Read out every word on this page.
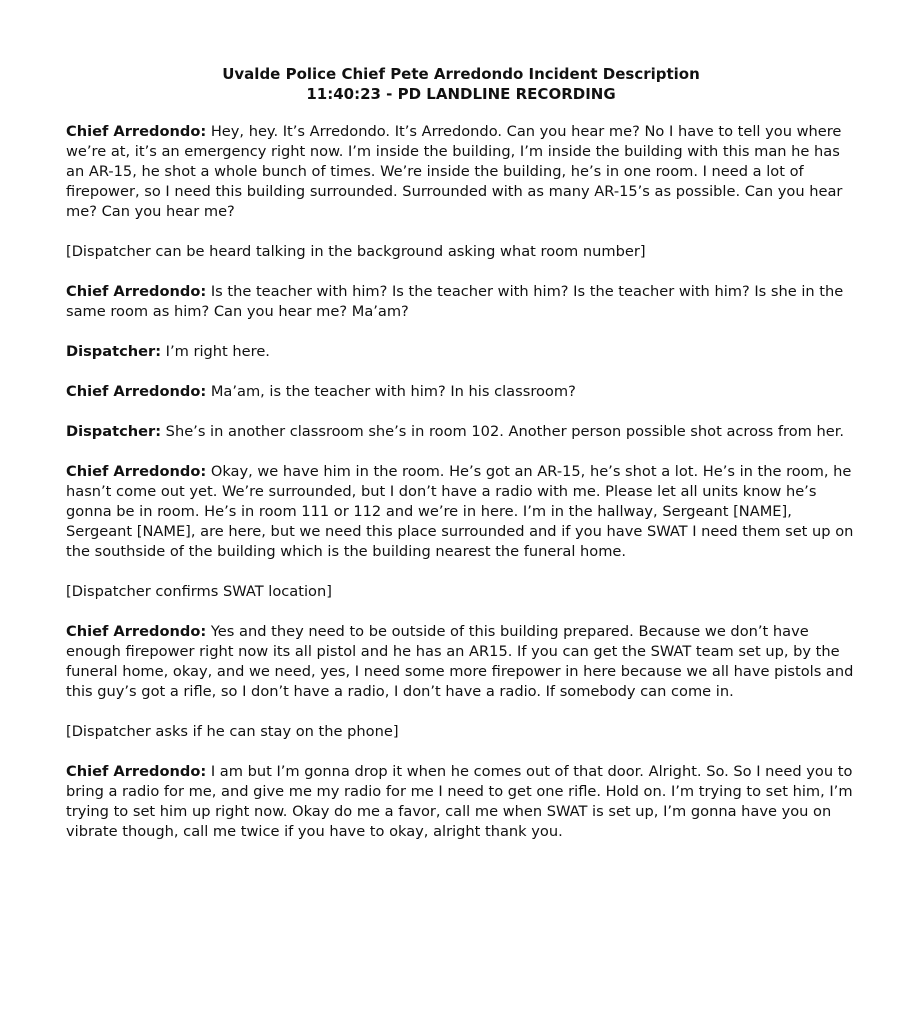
Uvalde Police Chief Pete Arredondo Incident Description
11:40:23 - PD LANDLINE RECORDING

Chief Arredondo: Hey, hey. It’s Arredondo. It’s Arredondo. Can you hear me? No I have to tell you where we’re at, it’s an emergency right now. I’m inside the building, I’m inside the building with this man he has an AR-15, he shot a whole bunch of times. We’re inside the building, he’s in one room. I need a lot of firepower, so I need this building surrounded. Surrounded with as many AR-15’s as possible. Can you hear me? Can you hear me?

[Dispatcher can be heard talking in the background asking what room number]

Chief Arredondo: Is the teacher with him? Is the teacher with him? Is the teacher with him? Is she in the same room as him? Can you hear me? Ma’am?

Dispatcher: I’m right here.

Chief Arredondo: Ma’am, is the teacher with him? In his classroom?

Dispatcher: She’s in another classroom she’s in room 102. Another person possible shot across from her.

Chief Arredondo: Okay, we have him in the room. He’s got an AR-15, he’s shot a lot. He’s in the room, he hasn’t come out yet. We’re surrounded, but I don’t have a radio with me. Please let all units know he’s gonna be in room. He’s in room 111 or 112 and we’re in here. I’m in the hallway, Sergeant [NAME], Sergeant [NAME], are here, but we need this place surrounded and if you have SWAT I need them set up on the southside of the building which is the building nearest the funeral home.

[Dispatcher confirms SWAT location]

Chief Arredondo: Yes and they need to be outside of this building prepared. Because we don’t have enough firepower right now its all pistol and he has an AR15. If you can get the SWAT team set up, by the funeral home, okay, and we need, yes, I need some more firepower in here because we all have pistols and this guy’s got a rifle, so I don’t have a radio, I don’t have a radio. If somebody can come in.

[Dispatcher asks if he can stay on the phone]

Chief Arredondo: I am but I’m gonna drop it when he comes out of that door. Alright. So. So I need you to bring a radio for me, and give me my radio for me I need to get one rifle. Hold on. I’m trying to set him, I’m trying to set him up right now. Okay do me a favor, call me when SWAT is set up, I’m gonna have you on vibrate though, call me twice if you have to okay, alright thank you.
